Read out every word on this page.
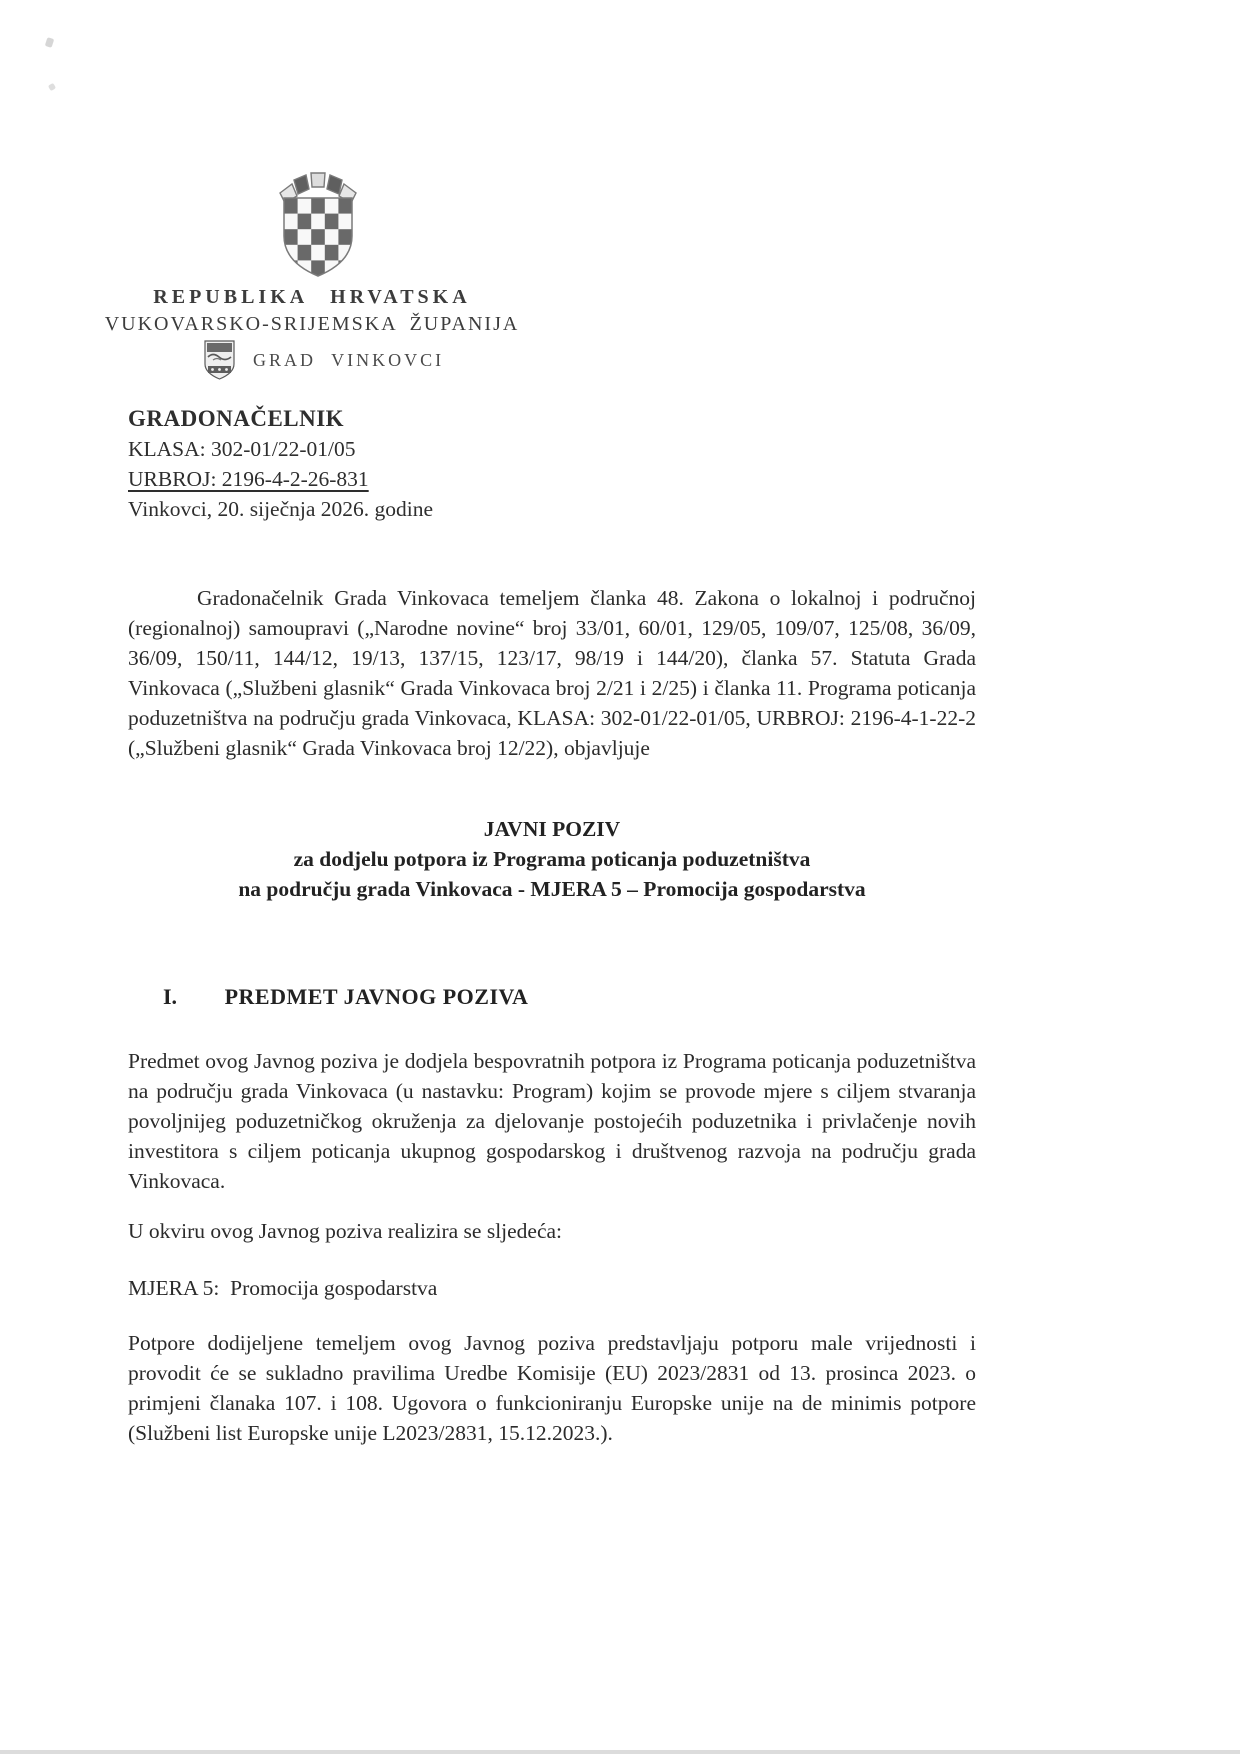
REPUBLIKA HRVATSKA
VUKOVARSKO-SRIJEMSKA ŽUPANIJA
GRAD VINKOVCI
GRADONAČELNIK
KLASA: 302-01/22-01/05
URBROJ: 2196-4-2-26-831
Vinkovci, 20. siječnja 2026. godine
Gradonačelnik Grada Vinkovaca temeljem članka 48. Zakona o lokalnoj i područnoj (regionalnoj) samoupravi („Narodne novine“ broj 33/01, 60/01, 129/05, 109/07, 125/08, 36/09, 36/09, 150/11, 144/12, 19/13, 137/15, 123/17, 98/19 i 144/20), članka 57. Statuta Grada Vinkovaca („Službeni glasnik“ Grada Vinkovaca broj 2/21 i 2/25) i članka 11. Programa poticanja poduzetništva na području grada Vinkovaca, KLASA: 302-01/22-01/05, URBROJ: 2196-4-1-22-2 („Službeni glasnik“ Grada Vinkovaca broj 12/22), objavljuje
JAVNI POZIV
za dodjelu potpora iz Programa poticanja poduzetništva
na području grada Vinkovaca - MJERA 5 – Promocija gospodarstva
I. PREDMET JAVNOG POZIVA
Predmet ovog Javnog poziva je dodjela bespovratnih potpora iz Programa poticanja poduzetništva na području grada Vinkovaca (u nastavku: Program) kojim se provode mjere s ciljem stvaranja povoljnijeg poduzetničkog okruženja za djelovanje postojećih poduzetnika i privlačenje novih investitora s ciljem poticanja ukupnog gospodarskog i društvenog razvoja na području grada Vinkovaca.
U okviru ovog Javnog poziva realizira se sljedeća:
MJERA 5:  Promocija gospodarstva
Potpore dodijeljene temeljem ovog Javnog poziva predstavljaju potporu male vrijednosti i provodit će se sukladno pravilima Uredbe Komisije (EU) 2023/2831 od 13. prosinca 2023. o primjeni članaka 107. i 108. Ugovora o funkcioniranju Europske unije na de minimis potpore (Službeni list Europske unije L2023/2831, 15.12.2023.).
